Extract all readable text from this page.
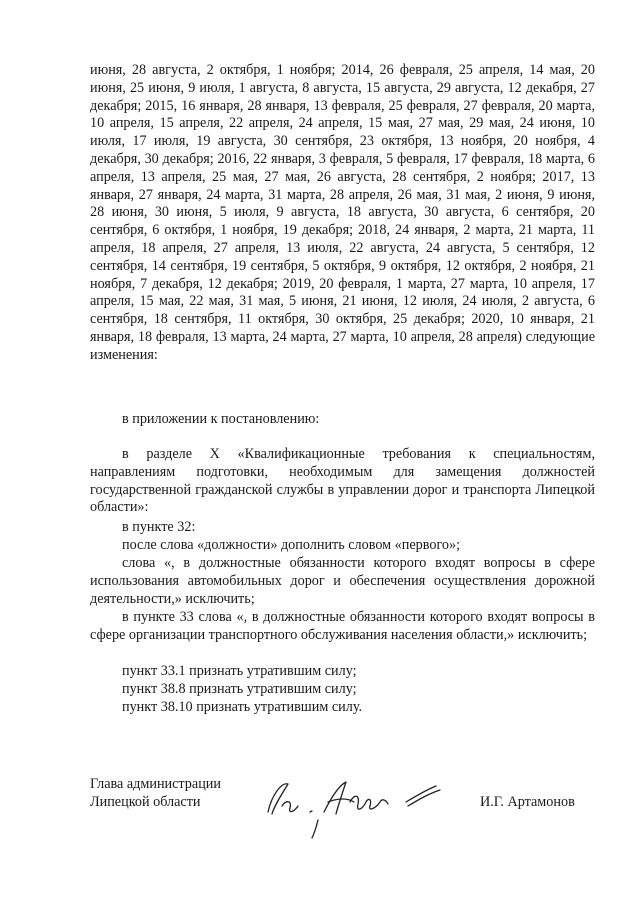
июня, 28 августа, 2 октября, 1 ноября; 2014, 26 февраля, 25 апреля, 14 мая, 20 июня, 25 июня, 9 июля, 1 августа, 8 августа, 15 августа, 29 августа, 12 декабря, 27 декабря; 2015, 16 января, 28 января, 13 февраля, 25 февраля, 27 февраля, 20 марта, 10 апреля, 15 апреля, 22 апреля, 24 апреля, 15 мая, 27 мая, 29 мая, 24 июня, 10 июля, 17 июля, 19 августа, 30 сентября, 23 октября, 13 ноября, 20 ноября, 4 декабря, 30 декабря; 2016, 22 января, 3 февраля, 5 февраля, 17 февраля, 18 марта, 6 апреля, 13 апреля, 25 мая, 27 мая, 26 августа, 28 сентября, 2 ноября; 2017, 13 января, 27 января, 24 марта, 31 марта, 28 апреля, 26 мая, 31 мая, 2 июня, 9 июня, 28 июня, 30 июня, 5 июля, 9 августа, 18 августа, 30 августа, 6 сентября, 20 сентября, 6 октября, 1 ноября, 19 декабря; 2018, 24 января, 2 марта, 21 марта, 11 апреля, 18 апреля, 27 апреля, 13 июля, 22 августа, 24 августа, 5 сентября, 12 сентября, 14 сентября, 19 сентября, 5 октября, 9 октября, 12 октября, 2 ноября, 21 ноября, 7 декабря, 12 декабря; 2019, 20 февраля, 1 марта, 27 марта, 10 апреля, 17 апреля, 15 мая, 22 мая, 31 мая, 5 июня, 21 июня, 12 июля, 24 июля, 2 августа, 6 сентября, 18 сентября, 11 октября, 30 октября, 25 декабря; 2020, 10 января, 21 января, 18 февраля, 13 марта, 24 марта, 27 марта, 10 апреля, 28 апреля) следующие изменения:
в приложении к постановлению:
в разделе X «Квалификационные требования к специальностям, направлениям подготовки, необходимым для замещения должностей государственной гражданской службы в управлении дорог и транспорта Липецкой области»:
в пункте 32:
после слова «должности» дополнить словом «первого»;
слова «, в должностные обязанности которого входят вопросы в сфере использования автомобильных дорог и обеспечения осуществления дорожной деятельности,» исключить;
в пункте 33 слова «, в должностные обязанности которого входят вопросы в сфере организации транспортного обслуживания населения области,» исключить;
пункт 33.1 признать утратившим силу;
пункт 38.8 признать утратившим силу;
пункт 38.10 признать утратившим силу.
Глава администрации
Липецкой области	И.Г. Артамонов
